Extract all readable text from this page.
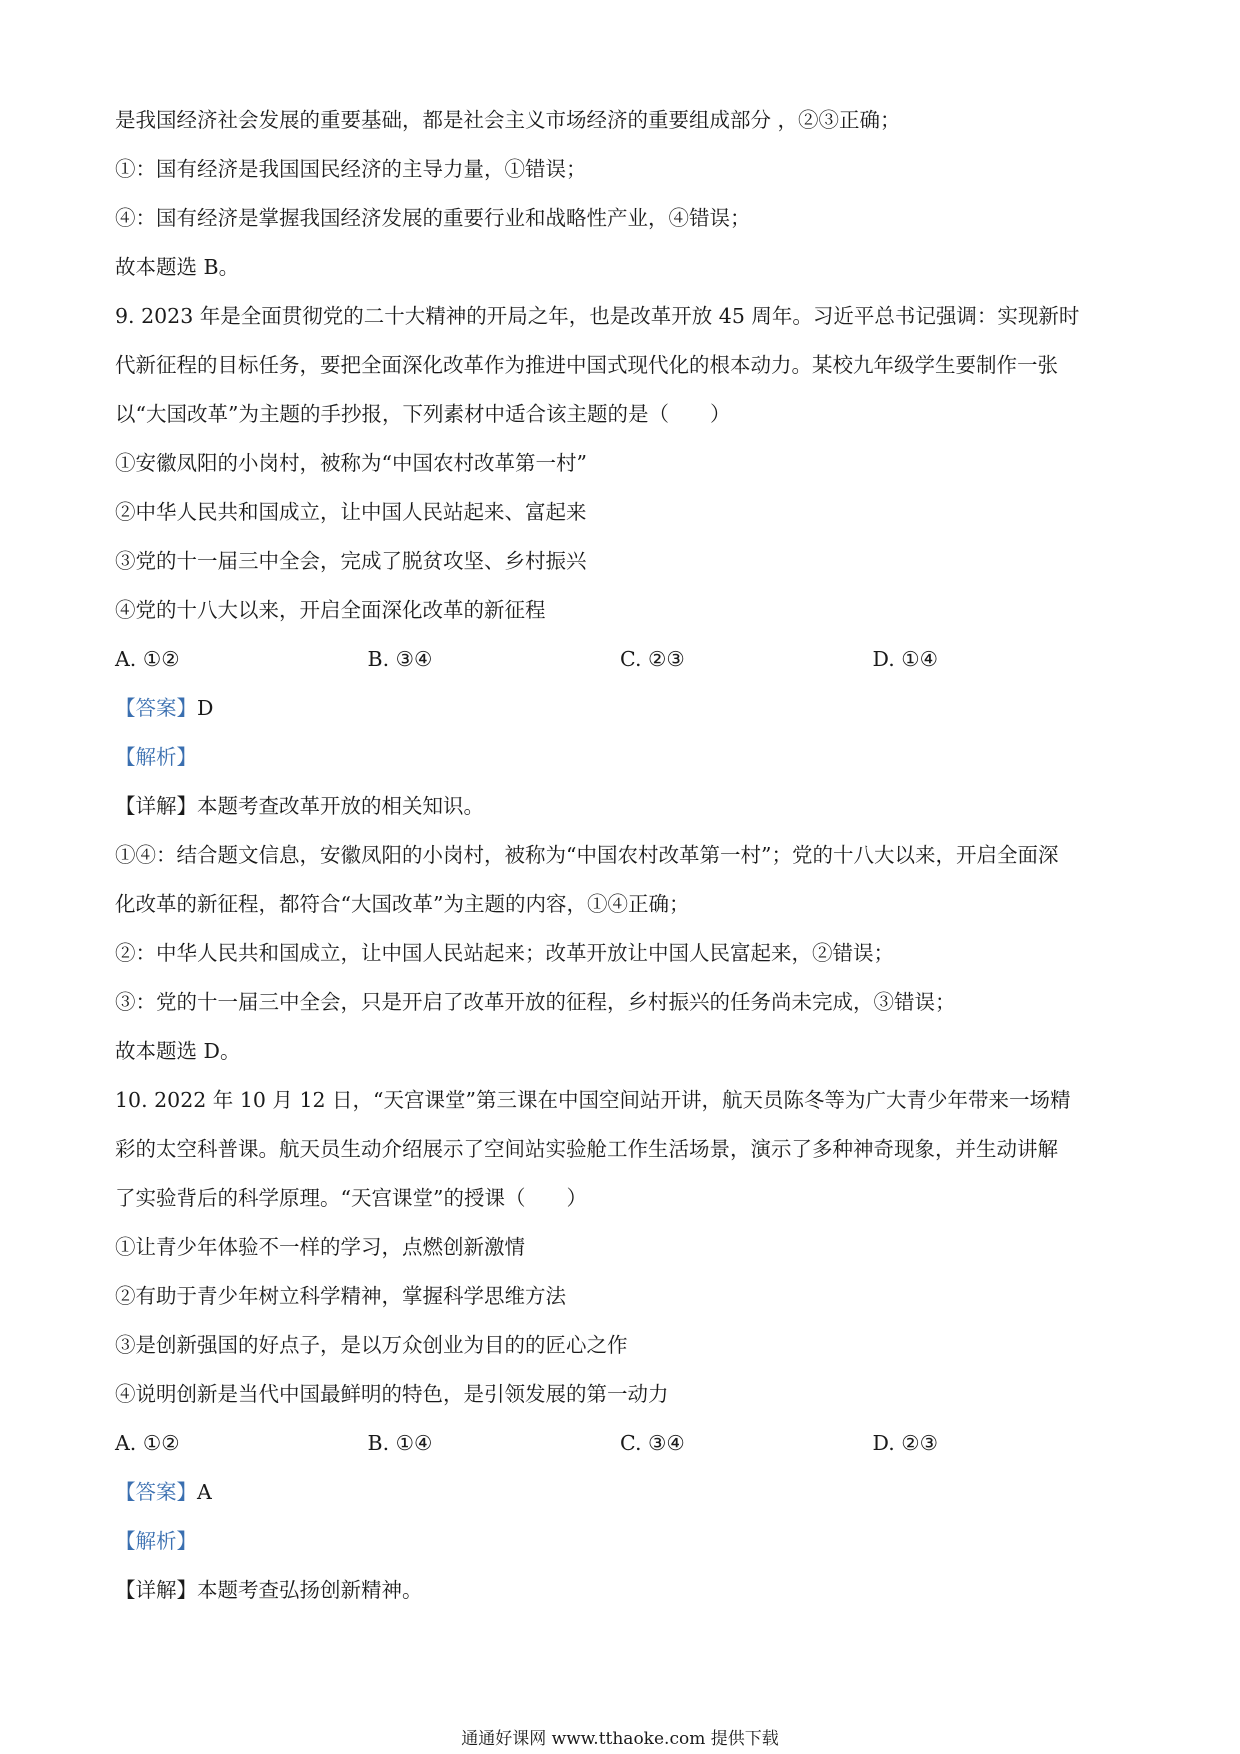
是我国经济社会发展的重要基础，都是社会主义市场经济的重要组成部分 ，②③正确；
①：国有经济是我国国民经济的主导力量，①错误；
④：国有经济是掌握我国经济发展的重要行业和战略性产业，④错误；
故本题选 B。
9. 2023 年是全面贯彻党的二十大精神的开局之年，也是改革开放 45 周年。习近平总书记强调：实现新时
代新征程的目标任务，要把全面深化改革作为推进中国式现代化的根本动力。某校九年级学生要制作一张
以“大国改革”为主题的手抄报，下列素材中适合该主题的是（　　）
①安徽凤阳的小岗村，被称为“中国农村改革第一村”
②中华人民共和国成立，让中国人民站起来、富起来
③党的十一届三中全会，完成了脱贫攻坚、乡村振兴
④党的十八大以来，开启全面深化改革的新征程
A. ①②	B. ③④	C. ②③	D. ①④
【答案】D
【解析】
【详解】本题考查改革开放的相关知识。
①④：结合题文信息，安徽凤阳的小岗村，被称为“中国农村改革第一村”；党的十八大以来，开启全面深
化改革的新征程，都符合“大国改革”为主题的内容，①④正确；
②：中华人民共和国成立，让中国人民站起来；改革开放让中国人民富起来，②错误；
③：党的十一届三中全会，只是开启了改革开放的征程，乡村振兴的任务尚未完成，③错误；
故本题选 D。
10. 2022 年 10 月 12 日，“天宫课堂”第三课在中国空间站开讲，航天员陈冬等为广大青少年带来一场精
彩的太空科普课。航天员生动介绍展示了空间站实验舱工作生活场景，演示了多种神奇现象，并生动讲解
了实验背后的科学原理。“天宫课堂”的授课（　　）
①让青少年体验不一样的学习，点燃创新激情
②有助于青少年树立科学精神，掌握科学思维方法
③是创新强国的好点子，是以万众创业为目的的匠心之作
④说明创新是当代中国最鲜明的特色，是引领发展的第一动力
A. ①②	B. ①④	C. ③④	D. ②③
【答案】A
【解析】
【详解】本题考查弘扬创新精神。
通通好课网 www.tthaoke.com 提供下载
